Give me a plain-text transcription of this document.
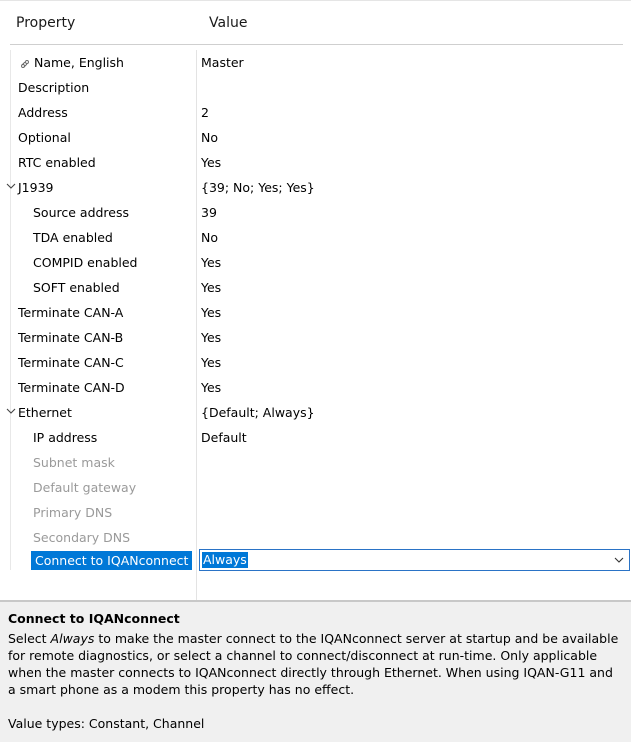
Property	Value
Name, English	Master
Description
Address	2
Optional	No
RTC enabled	Yes
J1939	{39; No; Yes; Yes}
Source address	39
TDA enabled	No
COMPID enabled	Yes
SOFT enabled	Yes
Terminate CAN-A	Yes
Terminate CAN-B	Yes
Terminate CAN-C	Yes
Terminate CAN-D	Yes
Ethernet	{Default; Always}
IP address	Default
Subnet mask
Default gateway
Primary DNS
Secondary DNS
Connect to IQANconnect	Always
Connect to IQANconnect
Select Always to make the master connect to the IQANconnect server at startup and be available for remote diagnostics, or select a channel to connect/disconnect at run-time. Only applicable when the master connects to IQANconnect directly through Ethernet. When using IQAN-G11 and a smart phone as a modem this property has no effect.
Value types: Constant, Channel
